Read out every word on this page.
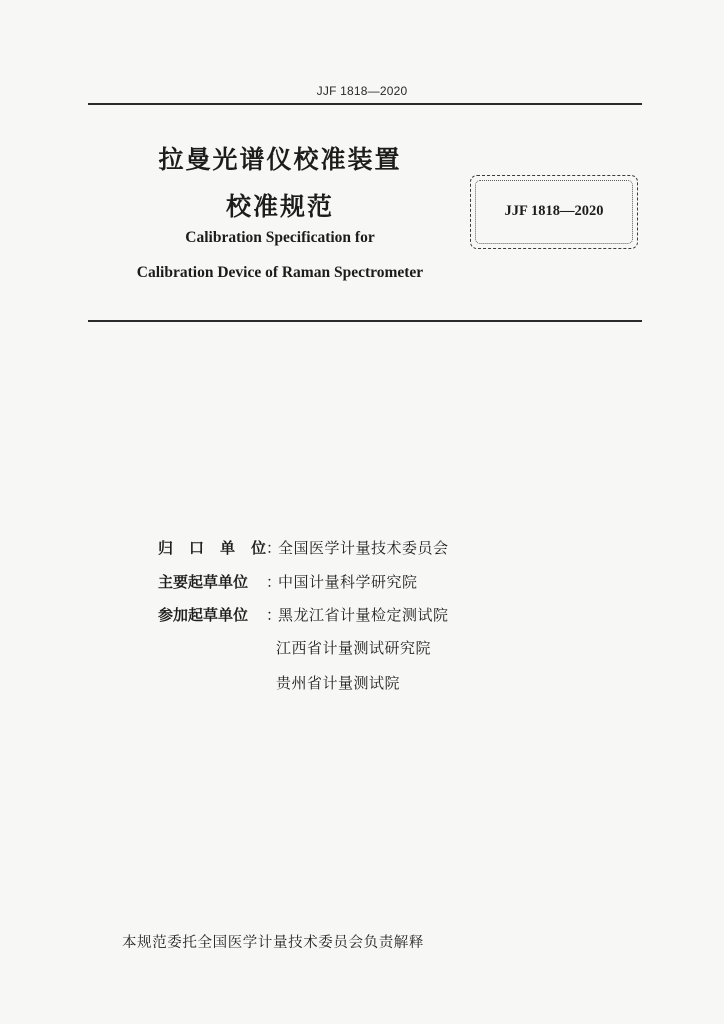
JJF 1818—2020
拉曼光谱仪校准装置
校准规范
Calibration Specification for
Calibration Device of Raman Spectrometer
JJF 1818—2020
归 口 单 位 ：
全国医学计量技术委员会
主要起草单位 ：
中国计量科学研究院
参加起草单位 ：
黑龙江省计量检定测试院
江西省计量测试研究院
贵州省计量测试院
本规范委托全国医学计量技术委员会负责解释
